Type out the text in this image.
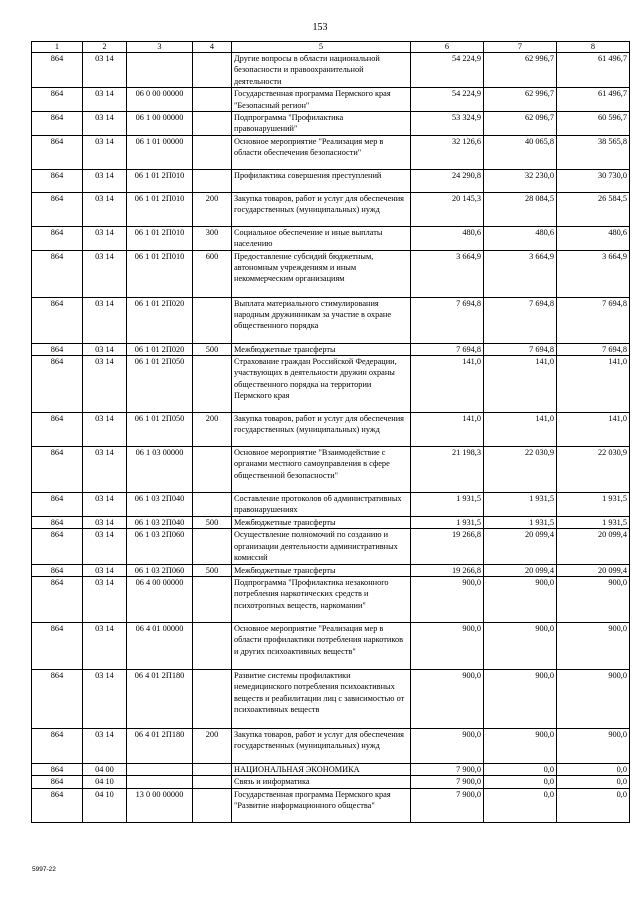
153
1	2	3	4	5	6	7	8
864	03 14			Другие вопросы в области национальной безопасности и правоохранительной деятельности	54 224,9	62 996,7	61 496,7
864	03 14	06 0 00 00000		Государственная программа Пермского края "Безопасный регион"	54 224,9	62 996,7	61 496,7
864	03 14	06 1 00 00000		Подпрограмма "Профилактика правонарушений"	53 324,9	62 096,7	60 596,7
864	03 14	06 1 01 00000		Основное мероприятие "Реализация мер в области обеспечения безопасности"	32 126,6	40 065,8	38 565,8
864	03 14	06 1 01 2П010		Профилактика совершения преступлений	24 290,8	32 230,0	30 730,0
864	03 14	06 1 01 2П010	200	Закупка товаров, работ и услуг для обеспечения государственных (муниципальных) нужд	20 145,3	28 084,5	26 584,5
864	03 14	06 1 01 2П010	300	Социальное обеспечение и иные выплаты населению	480,6	480,6	480,6
864	03 14	06 1 01 2П010	600	Предоставление субсидий бюджетным, автономным учреждениям и иным некоммерческим организациям	3 664,9	3 664,9	3 664,9
864	03 14	06 1 01 2П020		Выплата материального стимулирования народным дружинникам за участие в охране общественного порядка	7 694,8	7 694,8	7 694,8
864	03 14	06 1 01 2П020	500	Межбюджетные трансферты	7 694,8	7 694,8	7 694,8
864	03 14	06 1 01 2П050		Страхование граждан Российской Федерации, участвующих в деятельности дружин охраны общественного порядка на территории Пермского края	141,0	141,0	141,0
864	03 14	06 1 01 2П050	200	Закупка товаров, работ и услуг для обеспечения государственных (муниципальных) нужд	141,0	141,0	141,0
864	03 14	06 1 03 00000		Основное мероприятие "Взаимодействие с органами местного самоуправления в сфере общественной безопасности"	21 198,3	22 030,9	22 030,9
864	03 14	06 1 03 2П040		Составление протоколов об административных правонарушениях	1 931,5	1 931,5	1 931,5
864	03 14	06 1 03 2П040	500	Межбюджетные трансферты	1 931,5	1 931,5	1 931,5
864	03 14	06 1 03 2П060		Осуществление полномочий по созданию и организации деятельности административных комиссий	19 266,8	20 099,4	20 099,4
864	03 14	06 1 03 2П060	500	Межбюджетные трансферты	19 266,8	20 099,4	20 099,4
864	03 14	06 4 00 00000		Подпрограмма "Профилактика незаконного потребления наркотических средств и психотропных веществ, наркомании"	900,0	900,0	900,0
864	03 14	06 4 01 00000		Основное мероприятие "Реализация мер в области профилактики потребления наркотиков и других психоактивных веществ"	900,0	900,0	900,0
864	03 14	06 4 01 2П180		Развитие системы профилактики немедицинского потребления психоактивных веществ и реабилитации лиц с зависимостью от психоактивных веществ	900,0	900,0	900,0
864	03 14	06 4 01 2П180	200	Закупка товаров, работ и услуг для обеспечения государственных (муниципальных) нужд	900,0	900,0	900,0
864	04 00			НАЦИОНАЛЬНАЯ ЭКОНОМИКА	7 900,0	0,0	0,0
864	04 10			Связь и информатика	7 900,0	0,0	0,0
864	04 10	13 0 00 00000		Государственная программа Пермского края "Развитие информационного общества"	7 900,0	0,0	0,0
5997-22
